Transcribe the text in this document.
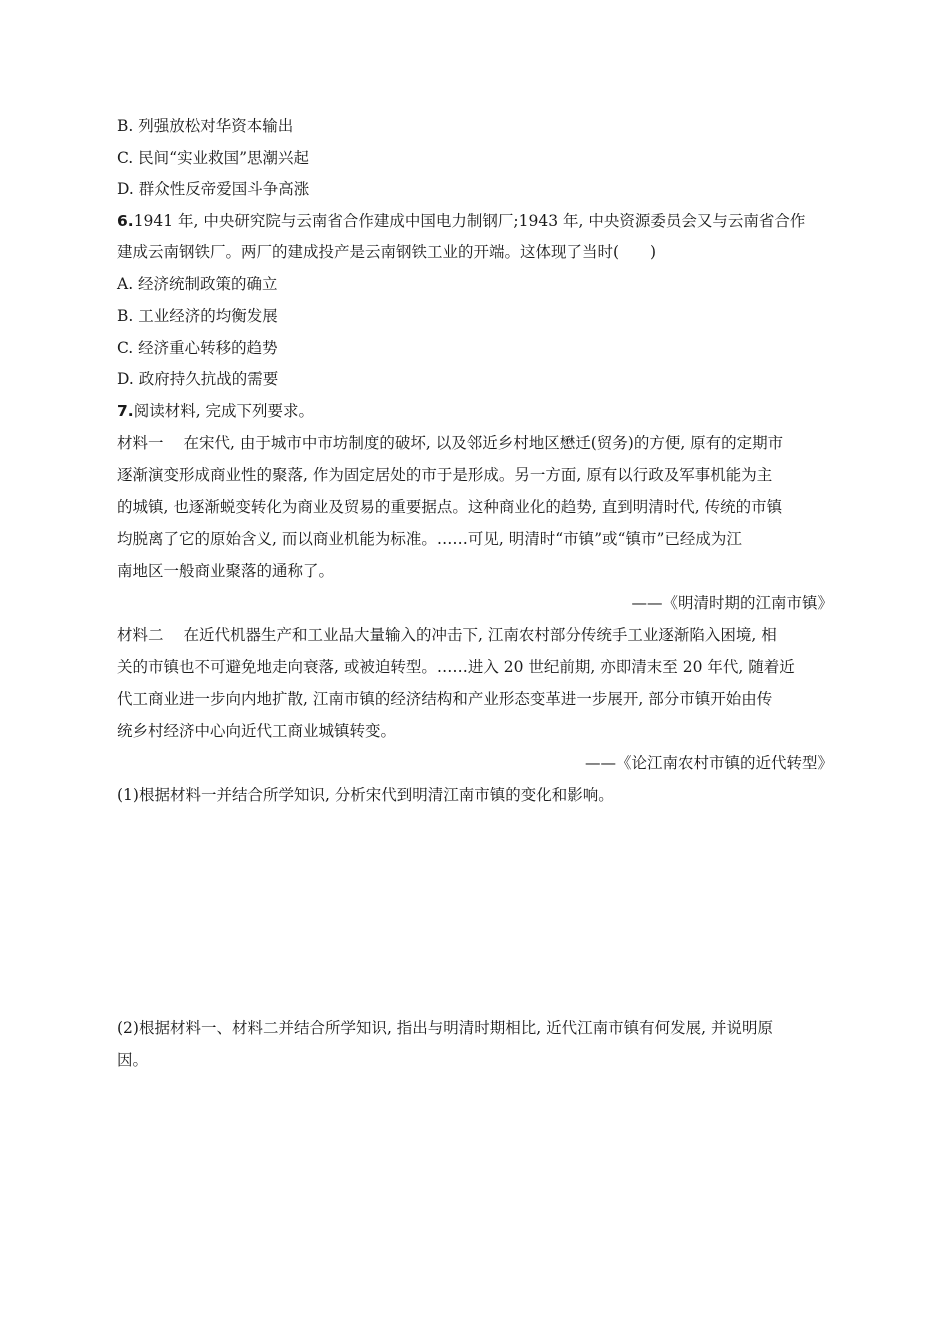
B. 列强放松对华资本输出
C. 民间“实业救国”思潮兴起
D. 群众性反帝爱国斗争高涨
6.1941 年, 中央研究院与云南省合作建成中国电力制钢厂;1943 年, 中央资源委员会又与云南省合作
建成云南钢铁厂。两厂的建成投产是云南钢铁工业的开端。这体现了当时(　　)
A. 经济统制政策的确立
B. 工业经济的均衡发展
C. 经济重心转移的趋势
D. 政府持久抗战的需要
7.阅读材料, 完成下列要求。
材料一 在宋代, 由于城市中市坊制度的破坏, 以及邻近乡村地区懋迁(贸务)的方便, 原有的定期市
逐渐演变形成商业性的聚落, 作为固定居处的市于是形成。另一方面, 原有以行政及军事机能为主
的城镇, 也逐渐蜕变转化为商业及贸易的重要据点。这种商业化的趋势, 直到明清时代, 传统的市镇
均脱离了它的原始含义, 而以商业机能为标准。……可见, 明清时“市镇”或“镇市”已经成为江
南地区一般商业聚落的通称了。
——《明清时期的江南市镇》
材料二 在近代机器生产和工业品大量输入的冲击下, 江南农村部分传统手工业逐渐陷入困境, 相
关的市镇也不可避免地走向衰落, 或被迫转型。……进入 20 世纪前期, 亦即清末至 20 年代, 随着近
代工商业进一步向内地扩散, 江南市镇的经济结构和产业形态变革进一步展开, 部分市镇开始由传
统乡村经济中心向近代工商业城镇转变。
——《论江南农村市镇的近代转型》
(1)根据材料一并结合所学知识, 分析宋代到明清江南市镇的变化和影响。
(2)根据材料一、材料二并结合所学知识, 指出与明清时期相比, 近代江南市镇有何发展, 并说明原
因。
